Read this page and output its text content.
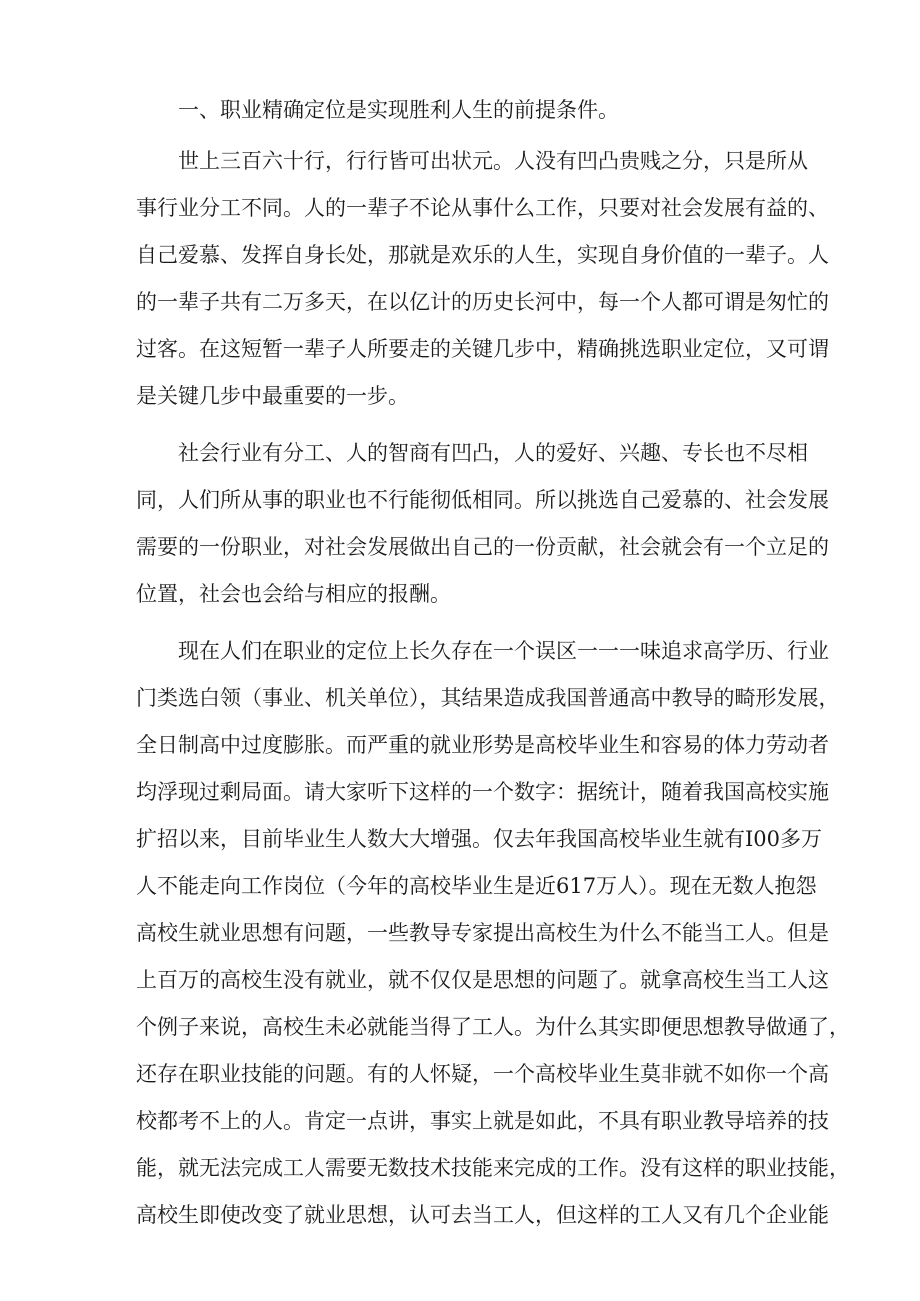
一、职业精确定位是实现胜利人生的前提条件。
世上三百六十行，行行皆可出状元。人没有凹凸贵贱之分，只是所从
事行业分工不同。人的一辈子不论从事什么工作，只要对社会发展有益的、
自己爱慕、发挥自身长处，那就是欢乐的人生，实现自身价值的一辈子。人
的一辈子共有二万多天，在以亿计的历史长河中，每一个人都可谓是匆忙的
过客。在这短暂一辈子人所要走的关键几步中，精确挑选职业定位，又可谓
是关键几步中最重要的一步。
社会行业有分工、人的智商有凹凸，人的爱好、兴趣、专长也不尽相
同，人们所从事的职业也不行能彻低相同。所以挑选自己爱慕的、社会发展
需要的一份职业，对社会发展做出自己的一份贡献，社会就会有一个立足的
位置，社会也会给与相应的报酬。
现在人们在职业的定位上长久存在一个误区一一一味追求高学历、行业
门类选白领（事业、机关单位），其结果造成我国普通高中教导的畸形发展，
全日制高中过度膨胀。而严重的就业形势是高校毕业生和容易的体力劳动者
均浮现过剩局面。请大家听下这样的一个数字：据统计，随着我国高校实施
扩招以来，目前毕业生人数大大增强。仅去年我国高校毕业生就有I00多万
人不能走向工作岗位（今年的高校毕业生是近617万人）。现在无数人抱怨
高校生就业思想有问题，一些教导专家提出高校生为什么不能当工人。但是
上百万的高校生没有就业，就不仅仅是思想的问题了。就拿高校生当工人这
个例子来说，高校生未必就能当得了工人。为什么其实即便思想教导做通了，
还存在职业技能的问题。有的人怀疑，一个高校毕业生莫非就不如你一个高
校都考不上的人。肯定一点讲，事实上就是如此，不具有职业教导培养的技
能，就无法完成工人需要无数技术技能来完成的工作。没有这样的职业技能，
高校生即使改变了就业思想，认可去当工人，但这样的工人又有几个企业能
